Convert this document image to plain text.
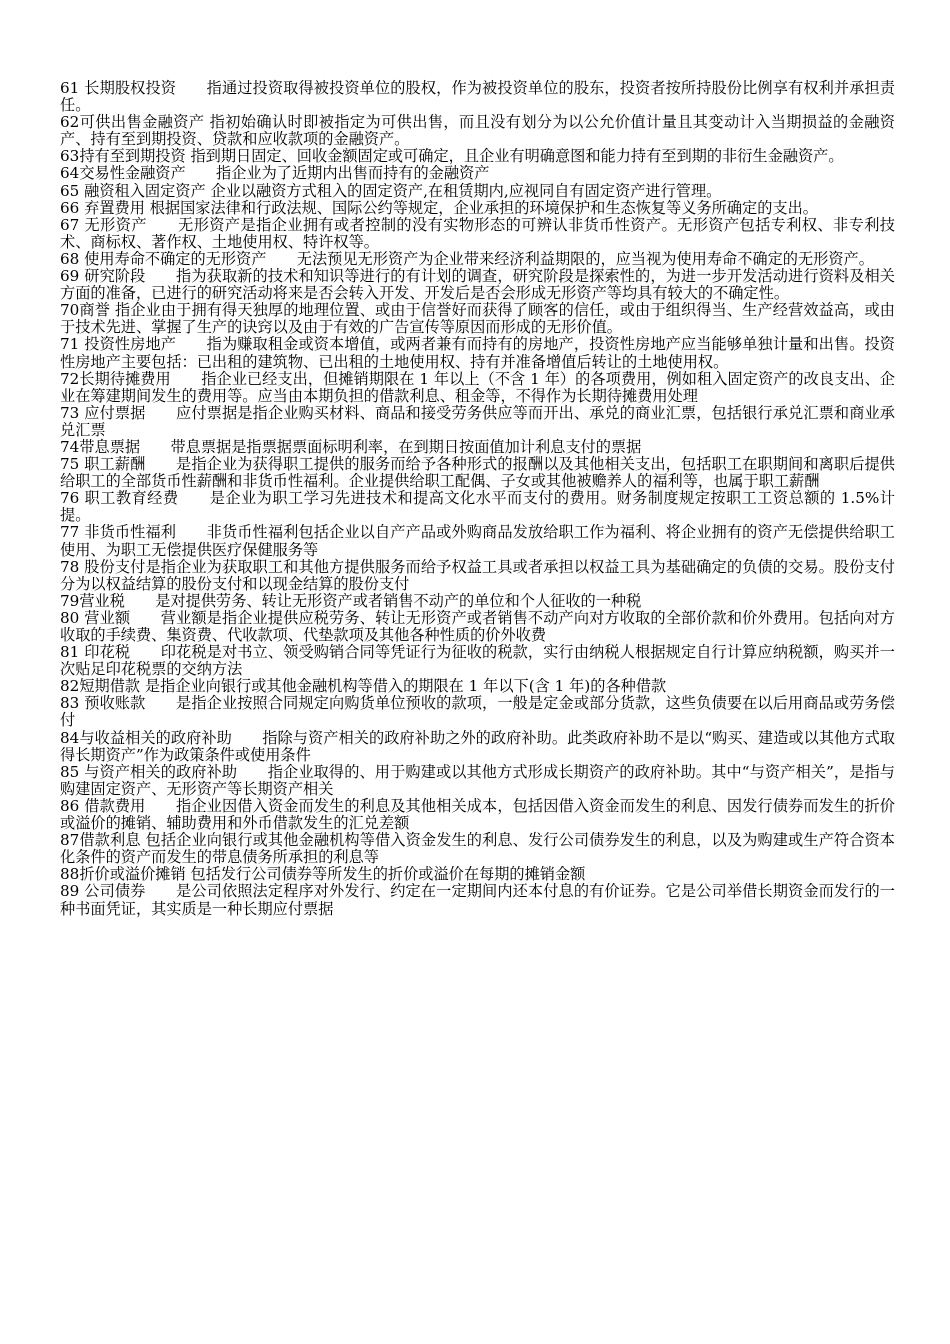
61 长期股权投资　　指通过投资取得被投资单位的股权，作为被投资单位的股东，投资者按所持股份比例享有权利并承担责任。

62可供出售金融资产 指初始确认时即被指定为可供出售，而且没有划分为以公允价值计量且其变动计入当期损益的金融资产、持有至到期投资、贷款和应收款项的金融资产。

63持有至到期投资 指到期日固定、回收金额固定或可确定，且企业有明确意图和能力持有至到期的非衍生金融资产。

64交易性金融资产　　指企业为了近期内出售而持有的金融资产

65 融资租入固定资产 企业以融资方式租入的固定资产,在租赁期内,应视同自有固定资产进行管理。

66 弃置费用 根据国家法律和行政法规、国际公约等规定，企业承担的环境保护和生态恢复等义务所确定的支出。

67 无形资产　　无形资产是指企业拥有或者控制的没有实物形态的可辨认非货币性资产。无形资产包括专利权、非专利技术、商标权、著作权、土地使用权、特许权等。

68 使用寿命不确定的无形资产　　无法预见无形资产为企业带来经济利益期限的，应当视为使用寿命不确定的无形资产。

69 研究阶段　　指为获取新的技术和知识等进行的有计划的调查，研究阶段是探索性的，为进一步开发活动进行资料及相关方面的准备，已进行的研究活动将来是否会转入开发、开发后是否会形成无形资产等均具有较大的不确定性。

70商誉 指企业由于拥有得天独厚的地理位置、或由于信誉好而获得了顾客的信任，或由于组织得当、生产经营效益高，或由于技术先进、掌握了生产的诀窍以及由于有效的广告宣传等原因而形成的无形价值。

71 投资性房地产　　指为赚取租金或资本增值，或两者兼有而持有的房地产，投资性房地产应当能够单独计量和出售。投资性房地产主要包括：已出租的建筑物、已出租的土地使用权、持有并准备增值后转让的土地使用权。

72长期待摊费用　　指企业已经支出，但摊销期限在 1 年以上（不含 1 年）的各项费用，例如租入固定资产的改良支出、企业在筹建期间发生的费用等。应当由本期负担的借款利息、租金等，不得作为长期待摊费用处理

73 应付票据　　应付票据是指企业购买材料、商品和接受劳务供应等而开出、承兑的商业汇票，包括银行承兑汇票和商业承兑汇票

74带息票据　　带息票据是指票据票面标明利率，在到期日按面值加计利息支付的票据

75 职工薪酬　　是指企业为获得职工提供的服务而给予各种形式的报酬以及其他相关支出，包括职工在职期间和离职后提供给职工的全部货币性薪酬和非货币性福利。企业提供给职工配偶、子女或其他被赡养人的福利等，也属于职工薪酬

76 职工教育经费　　是企业为职工学习先进技术和提高文化水平而支付的费用。财务制度规定按职工工资总额的 1.5%计提。

77 非货币性福利　　非货币性福利包括企业以自产产品或外购商品发放给职工作为福利、将企业拥有的资产无偿提供给职工使用、为职工无偿提供医疗保健服务等

78 股份支付是指企业为获取职工和其他方提供服务而给予权益工具或者承担以权益工具为基础确定的负债的交易。股份支付分为以权益结算的股份支付和以现金结算的股份支付

79营业税　　是对提供劳务、转让无形资产或者销售不动产的单位和个人征收的一种税

80 营业额　　营业额是指企业提供应税劳务、转让无形资产或者销售不动产向对方收取的全部价款和价外费用。包括向对方收取的手续费、集资费、代收款项、代垫款项及其他各种性质的价外收费

81 印花税　　印花税是对书立、领受购销合同等凭证行为征收的税款，实行由纳税人根据规定自行计算应纳税额，购买并一次贴足印花税票的交纳方法

82短期借款 是指企业向银行或其他金融机构等借入的期限在 1 年以下(含 1 年)的各种借款

83 预收账款　　是指企业按照合同规定向购货单位预收的款项，一般是定金或部分货款，这些负债要在以后用商品或劳务偿付

84与收益相关的政府补助　　指除与资产相关的政府补助之外的政府补助。此类政府补助不是以“购买、建造或以其他方式取得长期资产”作为政策条件或使用条件

85 与资产相关的政府补助　　指企业取得的、用于购建或以其他方式形成长期资产的政府补助。其中“与资产相关”，是指与购建固定资产、无形资产等长期资产相关

86 借款费用　　指企业因借入资金而发生的利息及其他相关成本，包括因借入资金而发生的利息、因发行债券而发生的折价或溢价的摊销、辅助费用和外币借款发生的汇兑差额

87借款利息 包括企业向银行或其他金融机构等借入资金发生的利息、发行公司债券发生的利息，以及为购建或生产符合资本化条件的资产而发生的带息债务所承担的利息等

88折价或溢价摊销 包括发行公司债券等所发生的折价或溢价在每期的摊销金额

89 公司债券　　是公司依照法定程序对外发行、约定在一定期间内还本付息的有价证券。它是公司举借长期资金而发行的一种书面凭证，其实质是一种长期应付票据
